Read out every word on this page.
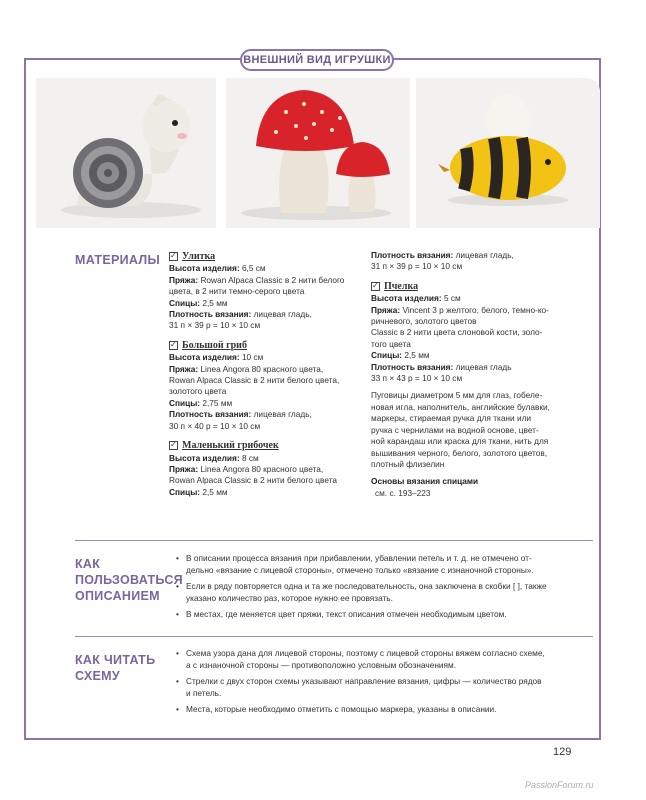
ВНЕШНИЙ ВИД ИГРУШКИ
МАТЕРИАЛЫ
✓ Улитка
Высота изделия: 6,5 см
Пряжа: Rowan Alpaca Classic в 2 нити белого
цвета, в 2 нити темно-серого цвета
Спицы: 2,5 мм
Плотность вязания: лицевая гладь,
31 п × 39 р = 10 × 10 см
✓
Большой гриб
Высота изделия: 10 см
Пряжа: Linea Angora 80 красного цвета,
Rowan Alpaca Classic в 2 нити белого цвета,
золотого цвета
Спицы: 2,75 мм
Плотность вязания: лицевая гладь,
30 п × 40 р = 10 × 10 см
✓
Маленький грибочек
Высота изделия: 8 см
Пряжа: Linea Angora 80 красного цвета,
Rowan Alpaca Classic в 2 нити белого цвета
Спицы: 2,5 мм
Плотность вязания: лицевая гладь,
31 п × 39 р = 10 × 10 см
✓
Пчелка
Высота изделия: 5 см
Пряжа: Vincent 3 р желтого, белого, темно-ко-
ричневого, золотого цветов
Classic в 2 нити цвета слоновой кости, золо-
того цвета
Спицы: 2,5 мм
Плотность вязания: лицевая гладь
33 п × 43 р = 10 × 10 см
Пуговицы диаметром 5 мм для глаз, гобеле-
новая игла, наполнитель, английские булавки,
маркеры, стираемая ручка для ткани или
ручка с чернилами на водной основе, цвет-
ной карандаш или краска для ткани, нить для
вышивания черного, белого, золотого цветов,
плотный флизелин
Основы вязания спицами
см. с. 193–223
КАК
ПОЛЬЗОВАТЬСЯ
ОПИСАНИЕМ
• В описании процесса вязания при прибавлении, убавлении петель и т. д. не отмечено от-
дельно «вязание с лицевой стороны», отмечено только «вязание с изнаночной стороны».
• Если в ряду повторяется одна и та же последовательность, она заключена в скобки [ ], также
указано количество раз, которое нужно ее провязать.
• В местах, где меняется цвет пряжи, текст описания отмечен необходимым цветом.
КАК ЧИТАТЬ
СХЕМУ
• Схема узора дана для лицевой стороны, поэтому с лицевой стороны вяжем согласно схеме,
а с изнаночной стороны — противоположно условным обозначениям.
• Стрелки с двух сторон схемы указывают направление вязания, цифры — количество рядов
и петель.
• Места, которые необходимо отметить с помощью маркера, указаны в описании.
129
PassionForum.ru
